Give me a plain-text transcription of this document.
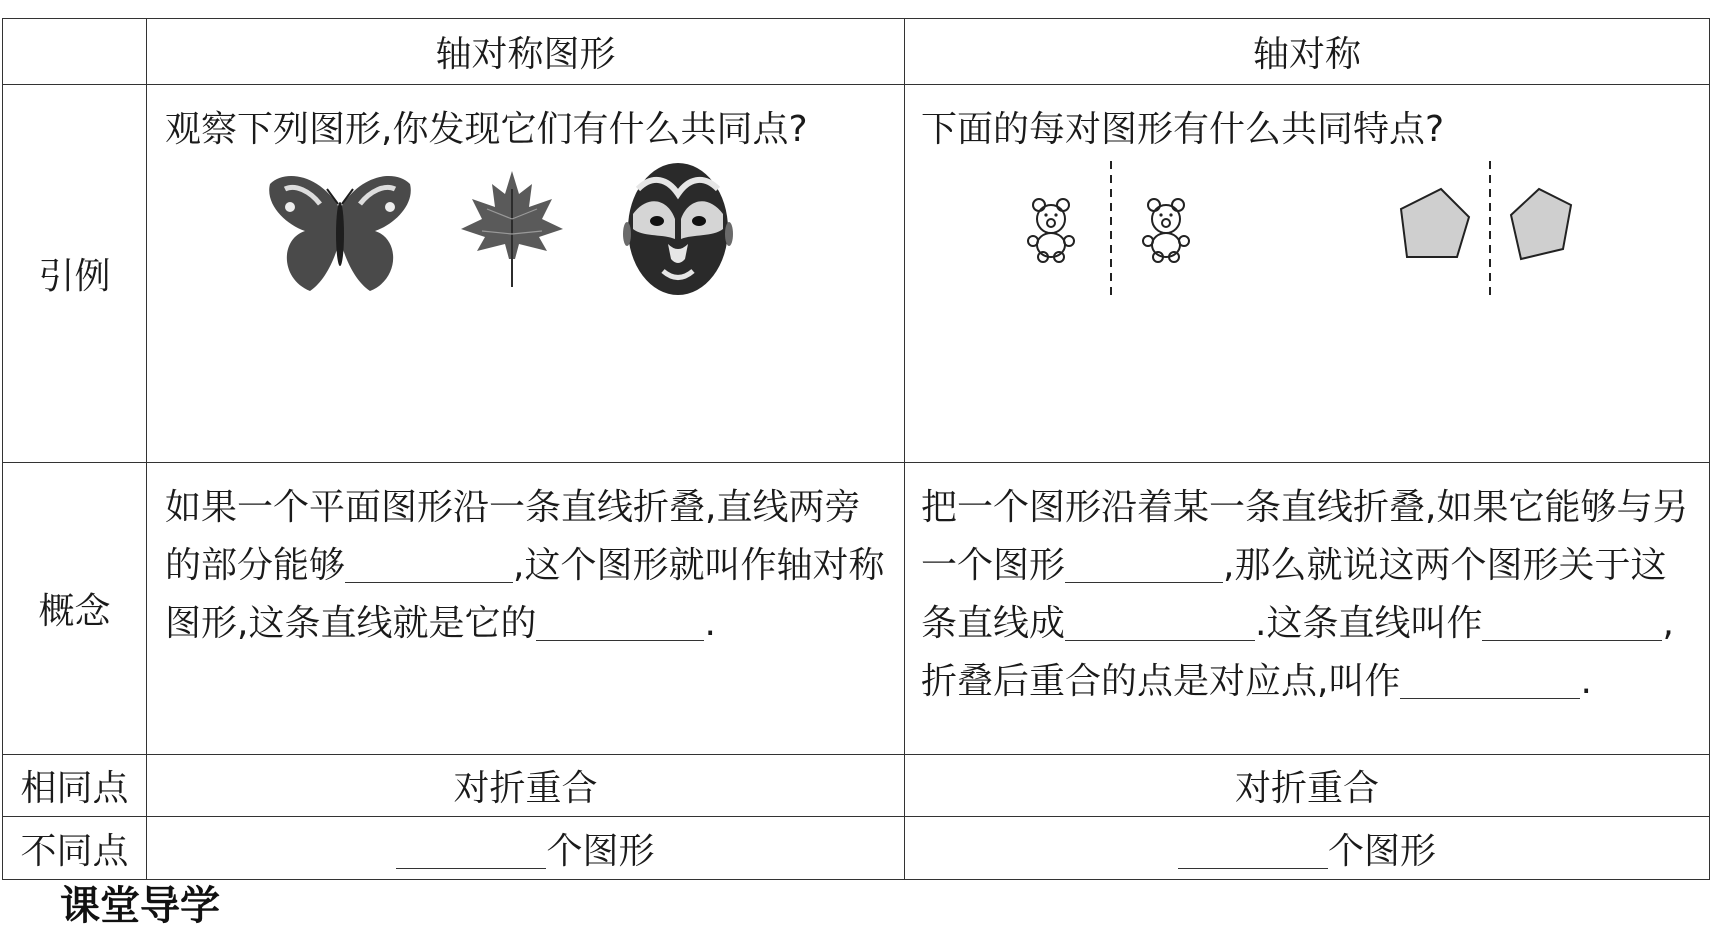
	轴对称图形	轴对称
引例	观察下列图形,你发现它们有什么共同点?	下面的每对图形有什么共同特点?

概念	如果一个平面图形沿一条直线折叠,直线两旁的部分能够 ,这个图形就叫作轴对称图形,这条直线就是它的 .	把一个图形沿着某一条直线折叠,如果它能够与另一个图形 ,那么就说这两个图形关于这条直线成 .这条直线叫作 ,折叠后重合的点是对应点,叫作 .
相同点	对折重合	对折重合
不同点	个图形	个图形
课堂导学
